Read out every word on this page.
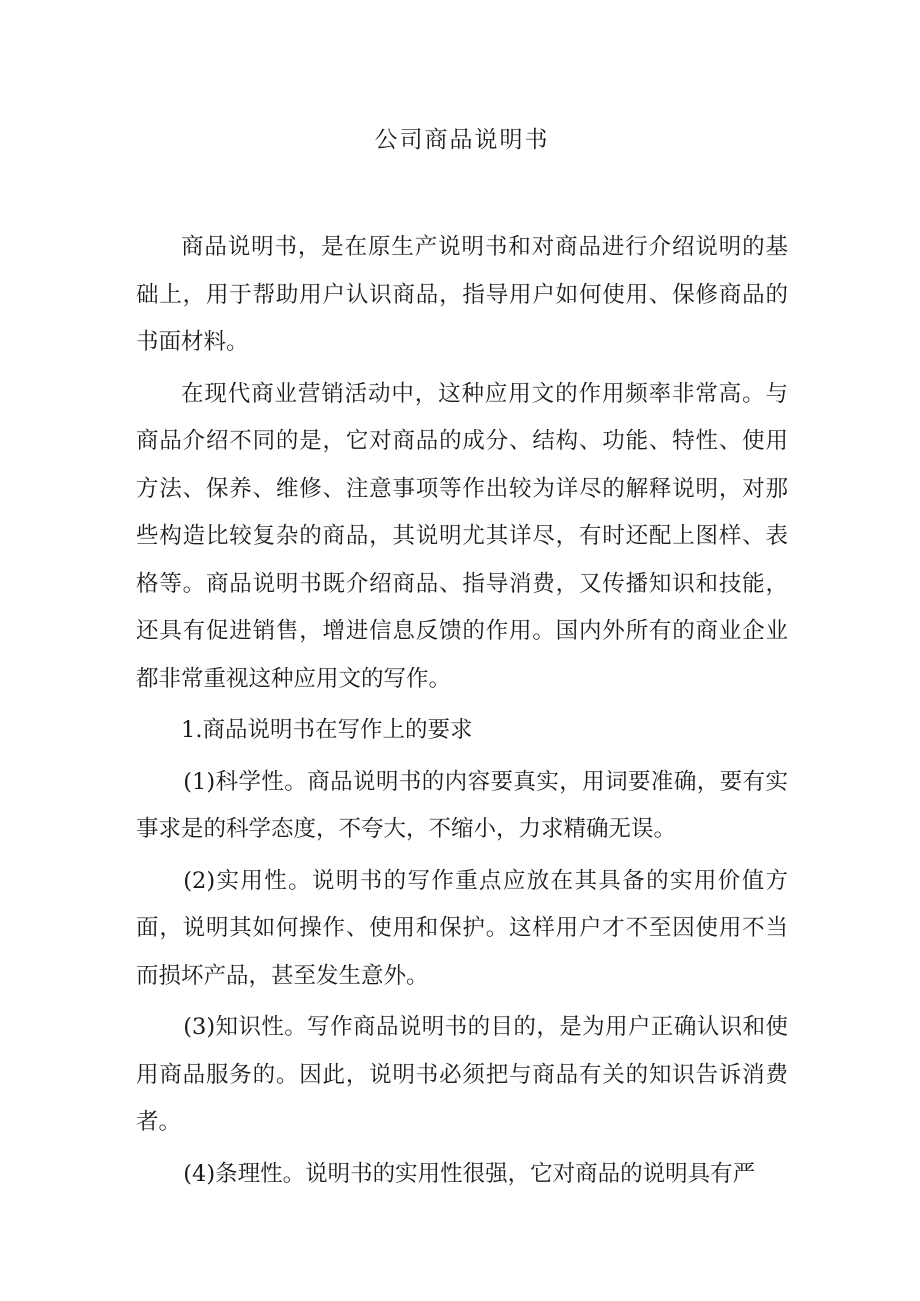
公司商品说明书

商品说明书，是在原生产说明书和对商品进行介绍说明的基础上，用于帮助用户认识商品，指导用户如何使用、保修商品的书面材料。

在现代商业营销活动中，这种应用文的作用频率非常高。与商品介绍不同的是，它对商品的成分、结构、功能、特性、使用方法、保养、维修、注意事项等作出较为详尽的解释说明，对那些构造比较复杂的商品，其说明尤其详尽，有时还配上图样、表格等。商品说明书既介绍商品、指导消费，又传播知识和技能，还具有促进销售，增进信息反馈的作用。国内外所有的商业企业都非常重视这种应用文的写作。

1.商品说明书在写作上的要求

(1)科学性。商品说明书的内容要真实，用词要准确，要有实事求是的科学态度，不夸大，不缩小，力求精确无误。

(2)实用性。说明书的写作重点应放在其具备的实用价值方面，说明其如何操作、使用和保护。这样用户才不至因使用不当而损坏产品，甚至发生意外。

(3)知识性。写作商品说明书的目的，是为用户正确认识和使用商品服务的。因此，说明书必须把与商品有关的知识告诉消费者。

(4)条理性。说明书的实用性很强，它对商品的说明具有严
